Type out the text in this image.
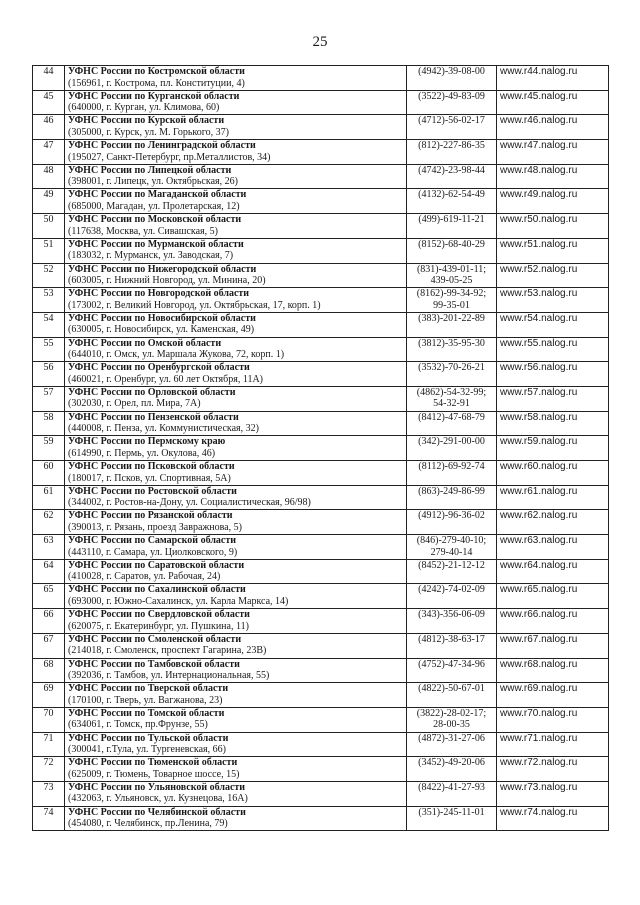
25
44	УФНС России по Костромской области
(156961, г. Кострома, пл. Конституции, 4)	(4942)-39-08-00	www.r44.nalog.ru
45	УФНС России по Курганской области
(640000, г. Курган, ул. Климова, 60)	(3522)-49-83-09	www.r45.nalog.ru
46	УФНС России по Курской области
(305000, г. Курск, ул. М. Горького, 37)	(4712)-56-02-17	www.r46.nalog.ru
47	УФНС России по Ленинградской области
(195027, Санкт-Петербург, пр.Металлистов, 34)	(812)-227-86-35	www.r47.nalog.ru
48	УФНС России по Липецкой области
(398001, г. Липецк, ул. Октябрьская, 26)	(4742)-23-98-44	www.r48.nalog.ru
49	УФНС России по Магаданской области
(685000, Магадан, ул. Пролетарская, 12)	(4132)-62-54-49	www.r49.nalog.ru
50	УФНС России по Московской области
(117638, Москва, ул. Сивашская, 5)	(499)-619-11-21	www.r50.nalog.ru
51	УФНС России по Мурманской области
(183032, г. Мурманск, ул. Заводская, 7)	(8152)-68-40-29	www.r51.nalog.ru
52	УФНС России по Нижегородской области
(603005, г. Нижний Новгород, ул. Минина, 20)	(831)-439-01-11;
439-05-25	www.r52.nalog.ru
53	УФНС России по Новгородской области
(173002, г. Великий Новгород, ул. Октябрьская, 17, корп. 1)	(8162)-99-34-92;
99-35-01	www.r53.nalog.ru
54	УФНС России по Новосибирской области
(630005, г. Новосибирск, ул. Каменская, 49)	(383)-201-22-89	www.r54.nalog.ru
55	УФНС России по Омской области
(644010, г. Омск, ул. Маршала Жукова, 72, корп. 1)	(3812)-35-95-30	www.r55.nalog.ru
56	УФНС России по Оренбургской области
(460021, г. Оренбург, ул. 60 лет Октября, 11А)	(3532)-70-26-21	www.r56.nalog.ru
57	УФНС России по Орловской области
(302030, г. Орел, пл. Мира, 7А)	(4862)-54-32-99;
54-32-91	www.r57.nalog.ru
58	УФНС России по Пензенской области
(440008, г. Пенза, ул. Коммунистическая, 32)	(8412)-47-68-79	www.r58.nalog.ru
59	УФНС России по Пермскому краю
(614990, г. Пермь, ул. Окулова, 46)	(342)-291-00-00	www.r59.nalog.ru
60	УФНС России по Псковской области
(180017, г. Псков, ул. Спортивная, 5А)	(8112)-69-92-74	www.r60.nalog.ru
61	УФНС России по Ростовской области
(344002, г. Ростов-на-Дону, ул. Социалистическая, 96/98)	(863)-249-86-99	www.r61.nalog.ru
62	УФНС России по Рязанской области
(390013, г. Рязань, проезд Завражнова, 5)	(4912)-96-36-02	www.r62.nalog.ru
63	УФНС России по Самарской области
(443110, г. Самара, ул. Циолковского, 9)	(846)-279-40-10;
279-40-14	www.r63.nalog.ru
64	УФНС России по Саратовской области
(410028, г. Саратов, ул. Рабочая, 24)	(8452)-21-12-12	www.r64.nalog.ru
65	УФНС России по Сахалинской области
(693000, г. Южно-Сахалинск, ул. Карла Маркса, 14)	(4242)-74-02-09	www.r65.nalog.ru
66	УФНС России по Свердловской области
(620075, г. Екатеринбург, ул. Пушкина, 11)	(343)-356-06-09	www.r66.nalog.ru
67	УФНС России по Смоленской области
(214018, г. Смоленск, проспект Гагарина, 23В)	(4812)-38-63-17	www.r67.nalog.ru
68	УФНС России по Тамбовской области
(392036, г. Тамбов, ул. Интернациональная, 55)	(4752)-47-34-96	www.r68.nalog.ru
69	УФНС России по Тверской области
(170100, г. Тверь, ул. Вагжанова, 23)	(4822)-50-67-01	www.r69.nalog.ru
70	УФНС России по Томской области
(634061, г. Томск, пр.Фрунзе, 55)	(3822)-28-02-17;
28-00-35	www.r70.nalog.ru
71	УФНС России по Тульской области
(300041, г.Тула, ул. Тургеневская, 66)	(4872)-31-27-06	www.r71.nalog.ru
72	УФНС России по Тюменской области
(625009, г. Тюмень, Товарное шоссе, 15)	(3452)-49-20-06	www.r72.nalog.ru
73	УФНС России по Ульяновской области
(432063, г. Ульяновск, ул. Кузнецова, 16А)	(8422)-41-27-93	www.r73.nalog.ru
74	УФНС России по Челябинской области
(454080, г. Челябинск, пр.Ленина, 79)	(351)-245-11-01	www.r74.nalog.ru
